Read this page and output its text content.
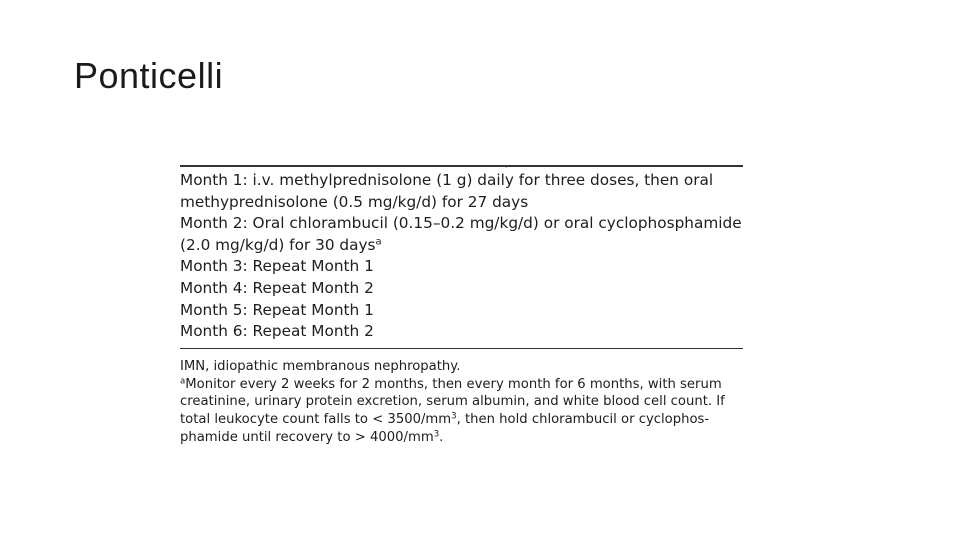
Ponticelli
.
Month 1: i.v. methylprednisolone (1 g) daily for three doses, then oral
methyprednisolone (0.5 mg/kg/d) for 27 days
Month 2: Oral chlorambucil (0.15–0.2 mg/kg/d) or oral cyclophosphamide
(2.0 mg/kg/d) for 30 days$^a$
Month 3: Repeat Month 1
Month 4: Repeat Month 2
Month 5: Repeat Month 1
Month 6: Repeat Month 2

IMN, idiopathic membranous nephropathy.

$^a$Monitor every 2 weeks for 2 months, then every month for 6 months, with serum

creatinine, urinary protein excretion, serum albumin, and white blood cell count. If

total leukocyte count falls to < $3500/mm^3$, then hold chlorambucil or cyclophos-

phamide until recovery to > $4000/mm^3$.
